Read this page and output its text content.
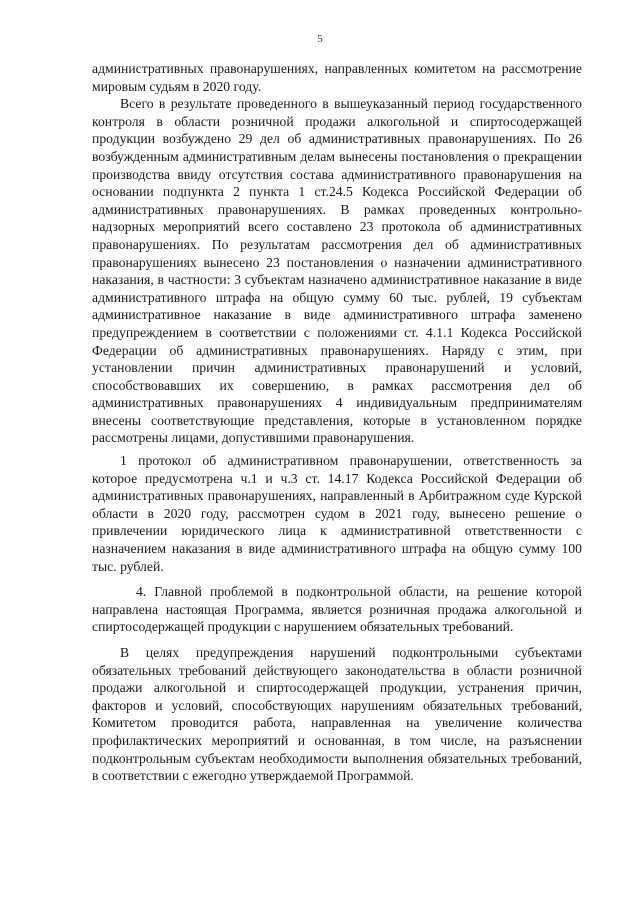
5

административных правонарушениях, направленных комитетом на рассмотрение мировым судьям в 2020 году.

Всего в результате проведенного в вышеуказанный период государственного контроля в области розничной продажи алкогольной и спиртосодержащей продукции возбуждено 29 дел об административных правонарушениях. По 26 возбужденным административным делам вынесены постановления о прекращении производства ввиду отсутствия состава административного правонарушения на основании подпункта 2 пункта 1 ст.24.5 Кодекса Российской Федерации об административных правонарушениях. В рамках проведенных контрольно-надзорных мероприятий всего составлено 23 протокола об административных правонарушениях. По результатам рассмотрения дел об административных правонарушениях вынесено 23 постановления о назначении административного наказания, в частности: 3 субъектам назначено административное наказание в виде административного штрафа на общую сумму 60 тыс. рублей, 19 субъектам административное наказание в виде административного штрафа заменено предупреждением в соответствии с положениями ст. 4.1.1 Кодекса Российской Федерации об административных правонарушениях. Наряду с этим, при установлении причин административных правонарушений и условий, способствовавших их совершению, в рамках рассмотрения дел об административных правонарушениях 4 индивидуальным предпринимателям внесены соответствующие представления, которые в установленном порядке рассмотрены лицами, допустившими правонарушения.

1 протокол об административном правонарушении, ответственность за которое предусмотрена ч.1 и ч.3 ст. 14.17 Кодекса Российской Федерации об административных правонарушениях, направленный в Арбитражном суде Курской области в 2020 году, рассмотрен судом в 2021 году, вынесено решение о привлечении юридического лица к административной ответственности с назначением наказания в виде административного штрафа на общую сумму 100 тыс. рублей.

4. Главной проблемой в подконтрольной области, на решение которой направлена настоящая Программа, является розничная продажа алкогольной и спиртосодержащей продукции с нарушением обязательных требований.

В целях предупреждения нарушений подконтрольными субъектами обязательных требований действующего законодательства в области розничной продажи алкогольной и спиртосодержащей продукции, устранения причин, факторов и условий, способствующих нарушениям обязательных требований, Комитетом проводится работа, направленная на увеличение количества профилактических мероприятий и основанная, в том числе, на разъяснении подконтрольным субъектам необходимости выполнения обязательных требований, в соответствии с ежегодно утверждаемой Программой.
